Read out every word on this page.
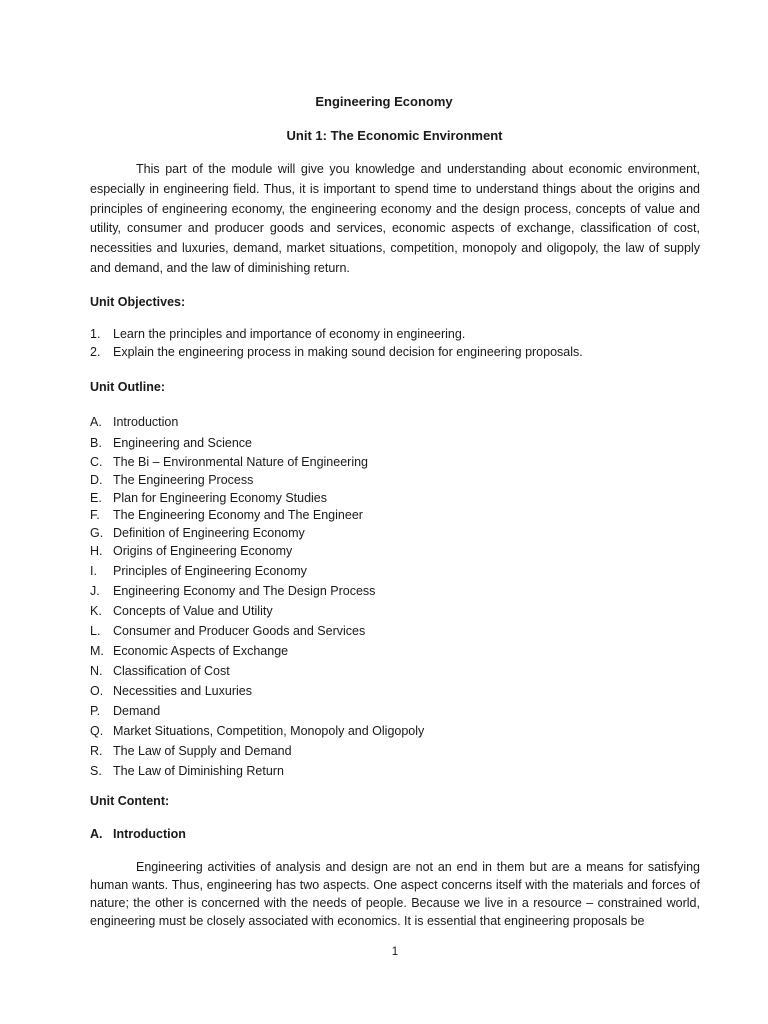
Engineering Economy
Unit 1: The Economic Environment

This part of the module will give you knowledge and understanding about economic environment, especially in engineering field. Thus, it is important to spend time to understand things about the origins and principles of engineering economy, the engineering economy and the design process, concepts of value and utility, consumer and producer goods and services, economic aspects of exchange, classification of cost, necessities and luxuries, demand, market situations, competition, monopoly and oligopoly, the law of supply and demand, and the law of diminishing return.

Unit Objectives:
1. Learn the principles and importance of economy in engineering.
2. Explain the engineering process in making sound decision for engineering proposals.
Unit Outline:
A. Introduction
B. Engineering and Science
C. The Bi – Environmental Nature of Engineering
D. The Engineering Process
E. Plan for Engineering Economy Studies
F. The Engineering Economy and The Engineer
G. Definition of Engineering Economy
H. Origins of Engineering Economy
I. Principles of Engineering Economy
J. Engineering Economy and The Design Process
K. Concepts of Value and Utility
L. Consumer and Producer Goods and Services
M. Economic Aspects of Exchange
N. Classification of Cost
O. Necessities and Luxuries
P. Demand
Q. Market Situations, Competition, Monopoly and Oligopoly
R. The Law of Supply and Demand
S. The Law of Diminishing Return
Unit Content:
A. Introduction

Engineering activities of analysis and design are not an end in them but are a means for satisfying human wants. Thus, engineering has two aspects. One aspect concerns itself with the materials and forces of nature; the other is concerned with the needs of people. Because we live in a resource – constrained world, engineering must be closely associated with economics. It is essential that engineering proposals be

1
